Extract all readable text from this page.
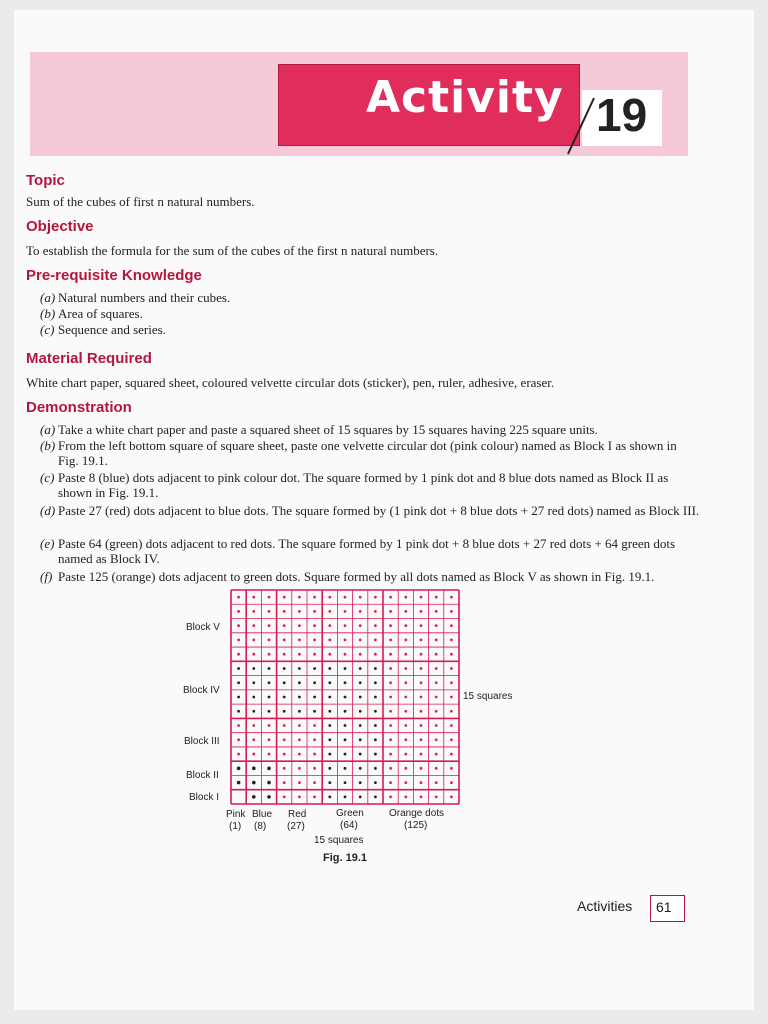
Activity 19
Topic
Sum of the cubes of first n natural numbers.
Objective
To establish the formula for the sum of the cubes of the first n natural numbers.
Pre-requisite Knowledge
(a) Natural numbers and their cubes.
(b) Area of squares.
(c) Sequence and series.
Material Required
White chart paper, squared sheet, coloured velvette circular dots (sticker), pen, ruler, adhesive, eraser.
Demonstration
(a) Take a white chart paper and paste a squared sheet of 15 squares by 15 squares having 225 square units.
(b) From the left bottom square of square sheet, paste one velvette circular dot (pink colour) named as Block I as shown in Fig. 19.1.
(c) Paste 8 (blue) dots adjacent to pink colour dot. The square formed by 1 pink dot and 8 blue dots named as Block II as shown in Fig. 19.1.
(d) Paste 27 (red) dots adjacent to blue dots. The square formed by (1 pink dot + 8 blue dots + 27 red dots) named as Block III.
(e) Paste 64 (green) dots adjacent to red dots. The square formed by 1 pink dot + 8 blue dots + 27 red dots + 64 green dots named as Block IV.
(f) Paste 125 (orange) dots adjacent to green dots. Square formed by all dots named as Block V as shown in Fig. 19.1.
Block V
Block IV
Block III
Block II
Block I
15 squares
Pink
(1)
Blue
(8)
Red
(27)
Green
(64)
Orange dots
(125)
15 squares
Fig. 19.1
Activities 61
